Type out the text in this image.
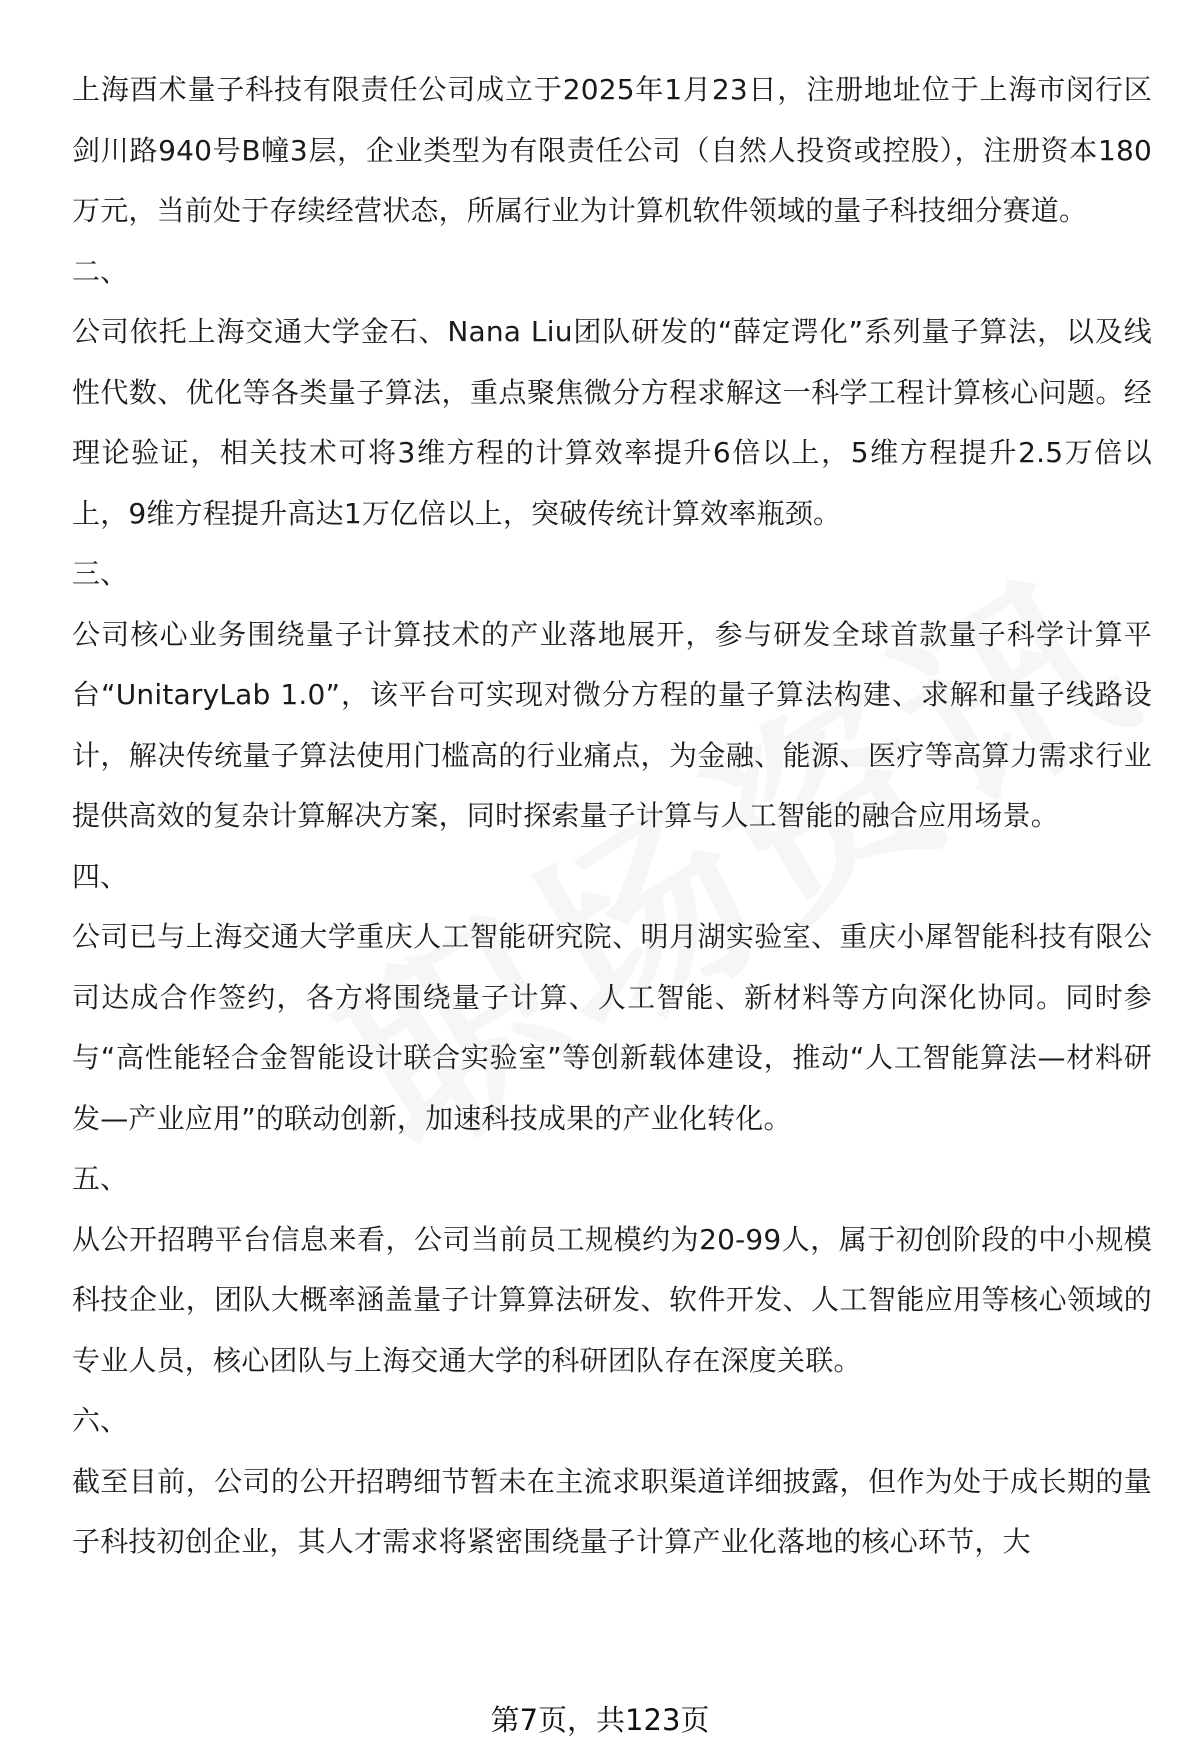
上海酉术量子科技有限责任公司成立于2025年1月23日，注册地址位于上海市闵行区剑川路940号B幢3层，企业类型为有限责任公司（自然人投资或控股），注册资本180万元，当前处于存续经营状态，所属行业为计算机软件领域的量子科技细分赛道。

二、

公司依托上海交通大学金石、Nana Liu团队研发的“薛定谔化”系列量子算法，以及线性代数、优化等各类量子算法，重点聚焦微分方程求解这一科学工程计算核心问题。经理论验证，相关技术可将3维方程的计算效率提升6倍以上，5维方程提升2.5万倍以上，9维方程提升高达1万亿倍以上，突破传统计算效率瓶颈。

三、

公司核心业务围绕量子计算技术的产业落地展开，参与研发全球首款量子科学计算平台“UnitaryLab 1.0”，该平台可实现对微分方程的量子算法构建、求解和量子线路设计，解决传统量子算法使用门槛高的行业痛点，为金融、能源、医疗等高算力需求行业提供高效的复杂计算解决方案，同时探索量子计算与人工智能的融合应用场景。

四、

公司已与上海交通大学重庆人工智能研究院、明月湖实验室、重庆小犀智能科技有限公司达成合作签约，各方将围绕量子计算、人工智能、新材料等方向深化协同。同时参与“高性能轻合金智能设计联合实验室”等创新载体建设，推动“人工智能算法—材料研发—产业应用”的联动创新，加速科技成果的产业化转化。

五、

从公开招聘平台信息来看，公司当前员工规模约为20-99人，属于初创阶段的中小规模科技企业，团队大概率涵盖量子计算算法研发、软件开发、人工智能应用等核心领域的专业人员，核心团队与上海交通大学的科研团队存在深度关联。

六、

截至目前，公司的公开招聘细节暂未在主流求职渠道详细披露，但作为处于成长期的量子科技初创企业，其人才需求将紧密围绕量子计算产业化落地的核心环节，大

第7页，共123页
